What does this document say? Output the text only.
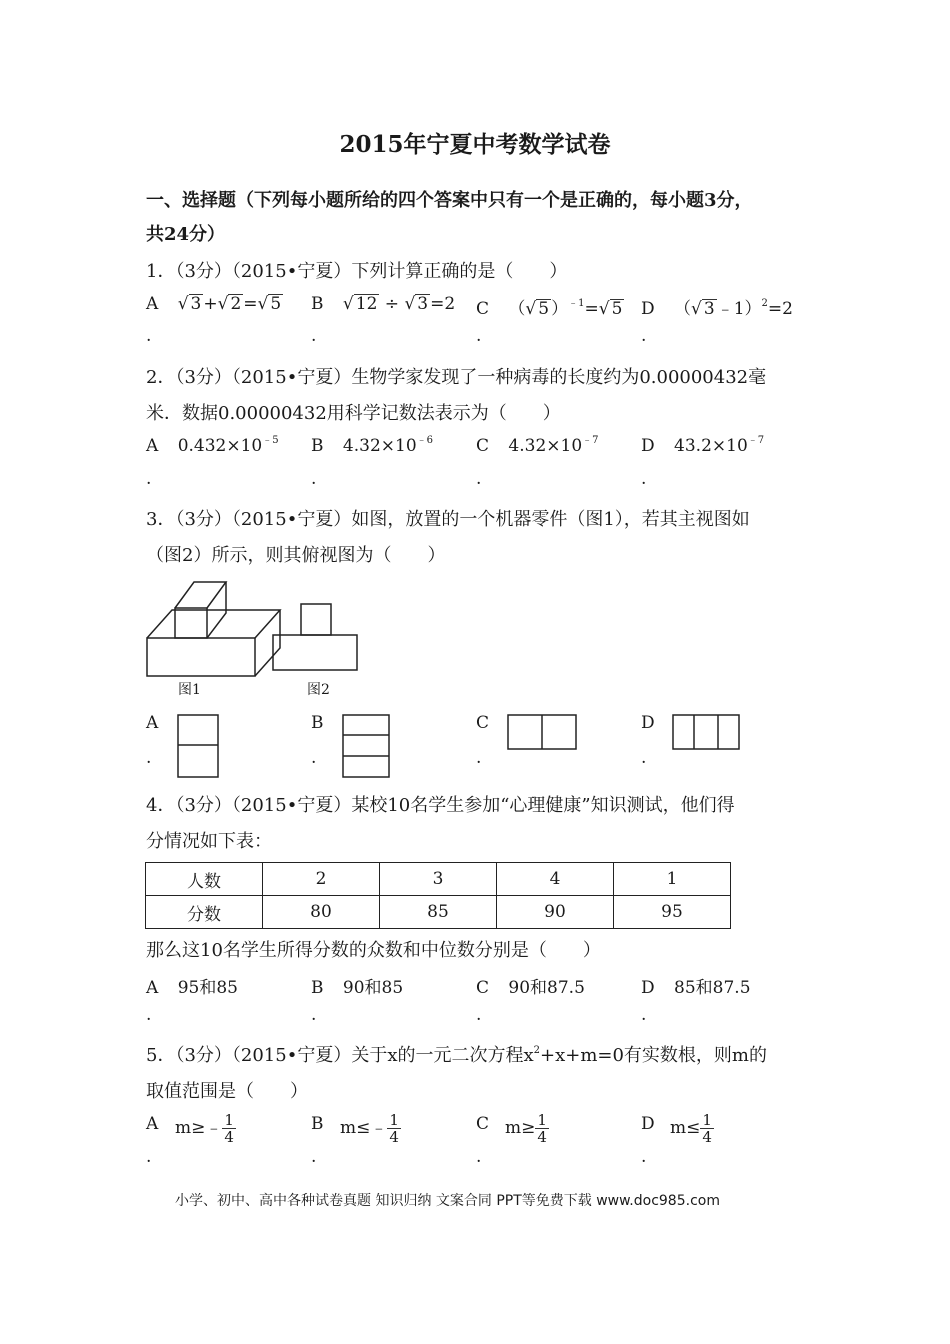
2015年宁夏中考数学试卷
一、选择题（下列每小题所给的四个答案中只有一个是正确的，每小题3分，
共24分）
1．（3分）（2015•宁夏）下列计算正确的是（　　）
A √ 3 +√ 2 =√ 5 B √ 12 ÷ √ 3 =2 C （√ 5 ）$^{﹣1}$=√ 5 D （√ 3 ﹣1）$^2$=2
.	.	.	.
2．（3分）（2015•宁夏）生物学家发现了一种病毒的长度约为0.00000432毫
米．数据0.00000432用科学记数法表示为（　　）
A $0.432\times 10^{﹣5}$ B $4.32\times 10^{﹣6}$	C $4.32\times 10^{﹣7}$ D $43.2\times 10^{﹣7}$
.	.	.	.
3．（3分）（2015•宁夏）如图，放置的一个机器零件（图1），若其主视图如
（图2）所示，则其俯视图为（　　）
图1	图2
A	B	C	D
.	.	.	.
4．（3分）（2015•宁夏）某校10名学生参加“心理健康”知识测试，他们得
分情况如下表：
人数	2	3	4	1
分数	80	85	90	95
那么这10名学生所得分数的众数和中位数分别是（　　）
A 95和85	B 90和85	C 90和87.5	D 85和87.5
.	.	.	.
5．（3分）（2015•宁夏）关于x的一元二次方程$x^2+x+m=0$有实数根，则m的
取值范围是（　　）
A m≥﹣ $\frac{1}{4}$	B m≤﹣ $\frac{1}{4}$	C $m\ge \frac{1}{4}$	D $m\le \frac{1}{4}$
.	.	.	.
小学、初中、高中各种试卷真题 知识归纳 文案合同 PPT等免费下载 www.doc985.com
